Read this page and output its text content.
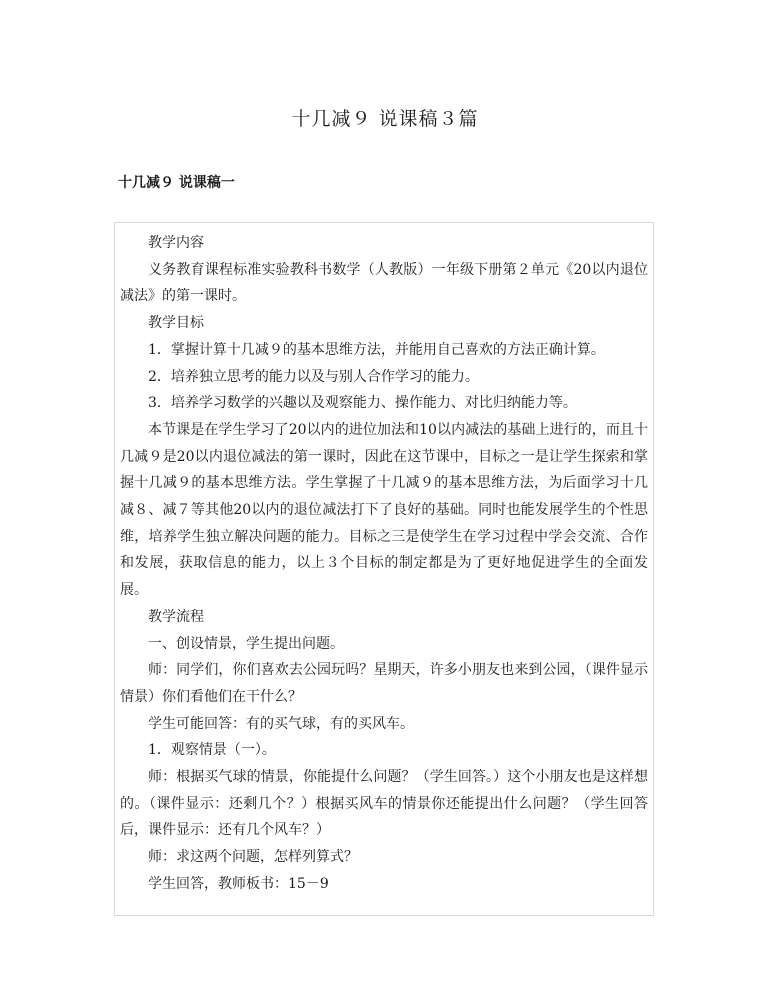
十几减９ 说课稿３篇
十几减９ 说课稿一

教学内容

义务教育课程标准实验教科书数学（人教版）一年级下册第２单元《20以内退位减法》的第一课时。

教学目标

1．掌握计算十几减９的基本思维方法，并能用自己喜欢的方法正确计算。

2．培养独立思考的能力以及与别人合作学习的能力。

3．培养学习数学的兴趣以及观察能力、操作能力、对比归纳能力等。

本节课是在学生学习了20以内的进位加法和10以内减法的基础上进行的，而且十几减９是20以内退位减法的第一课时，因此在这节课中，目标之一是让学生探索和掌握十几减９的基本思维方法。学生掌握了十几减９的基本思维方法，为后面学习十几减８、减７等其他20以内的退位减法打下了良好的基础。同时也能发展学生的个性思维，培养学生独立解决问题的能力。目标之三是使学生在学习过程中学会交流、合作和发展，获取信息的能力，以上３个目标的制定都是为了更好地促进学生的全面发展。

教学流程

一、创设情景，学生提出问题。

师：同学们，你们喜欢去公园玩吗？星期天，许多小朋友也来到公园，（课件显示情景）你们看他们在干什么？

学生可能回答：有的买气球，有的买风车。

1．观察情景（一）。

师：根据买气球的情景，你能提什么问题？（学生回答。）这个小朋友也是这样想的。（课件显示：还剩几个？）根据买风车的情景你还能提出什么问题？（学生回答后，课件显示：还有几个风车？）

师：求这两个问题，怎样列算式？

学生回答，教师板书：15－9
